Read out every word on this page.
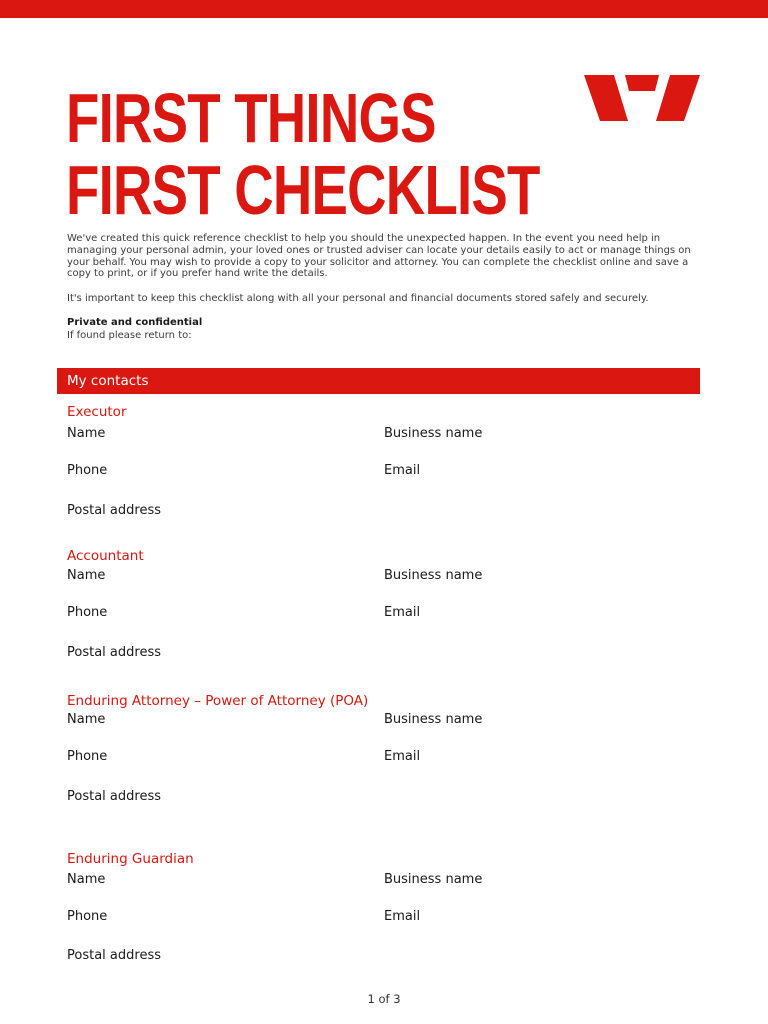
FIRST THINGS
FIRST CHECKLIST

We've created this quick reference checklist to help you should the unexpected happen. In the event you need help in managing your personal admin, your loved ones or trusted adviser can locate your details easily to act or manage things on your behalf. You may wish to provide a copy to your solicitor and attorney. You can complete the checklist online and save a copy to print, or if you prefer hand write the details.

It's important to keep this checklist along with all your personal and financial documents stored safely and securely.

Private and confidential
If found please return to:
My contacts
Executor
Name	Business name
Phone	Email
Postal address
Accountant
Name	Business name
Phone	Email
Postal address
Enduring Attorney – Power of Attorney (POA)
Name	Business name
Phone	Email
Postal address
Enduring Guardian
Name	Business name
Phone	Email
Postal address
1 of 3
